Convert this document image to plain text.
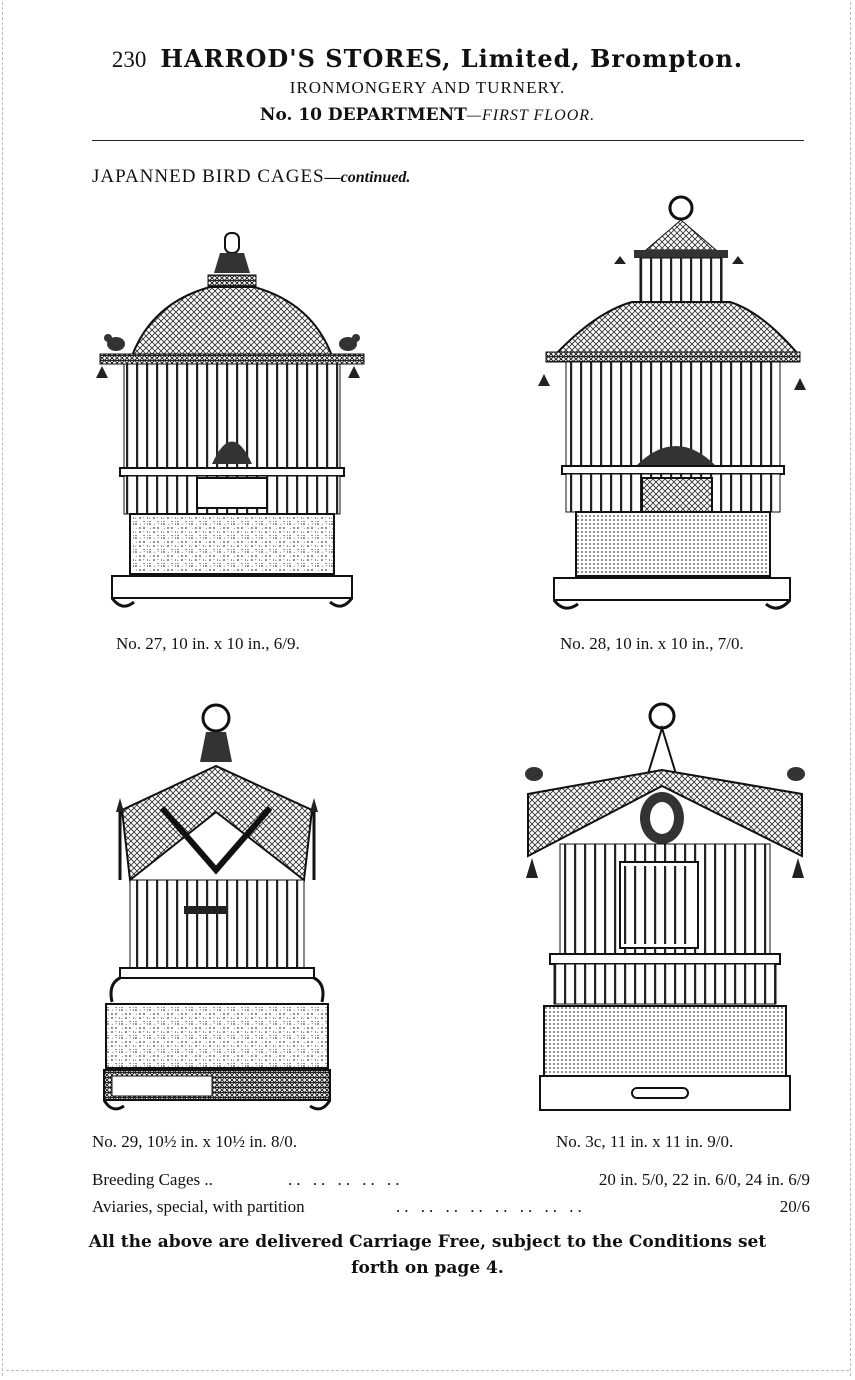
230 HARROD'S STORES, Limited, Brompton.
IRONMONGERY AND TURNERY.
No. 10 DEPARTMENT—FIRST FLOOR.
JAPANNED BIRD CAGES—continued.
No. 27, 10 in. x 10 in., 6/9.	No. 28, 10 in. x 10 in., 7/0.
No. 29, 10½ in. x 10½ in. 8/0.	No. 3c, 11 in. x 11 in. 9/0.
Breeding Cages ..	.. .. .. .. ..	20 in. 5/0, 22 in. 6/0, 24 in. 6/9
Aviaries, special, with partition	.. .. .. .. .. .. .. ..	20/6
All the above are delivered Carriage Free, subject to the Conditions set
forth on page 4.
